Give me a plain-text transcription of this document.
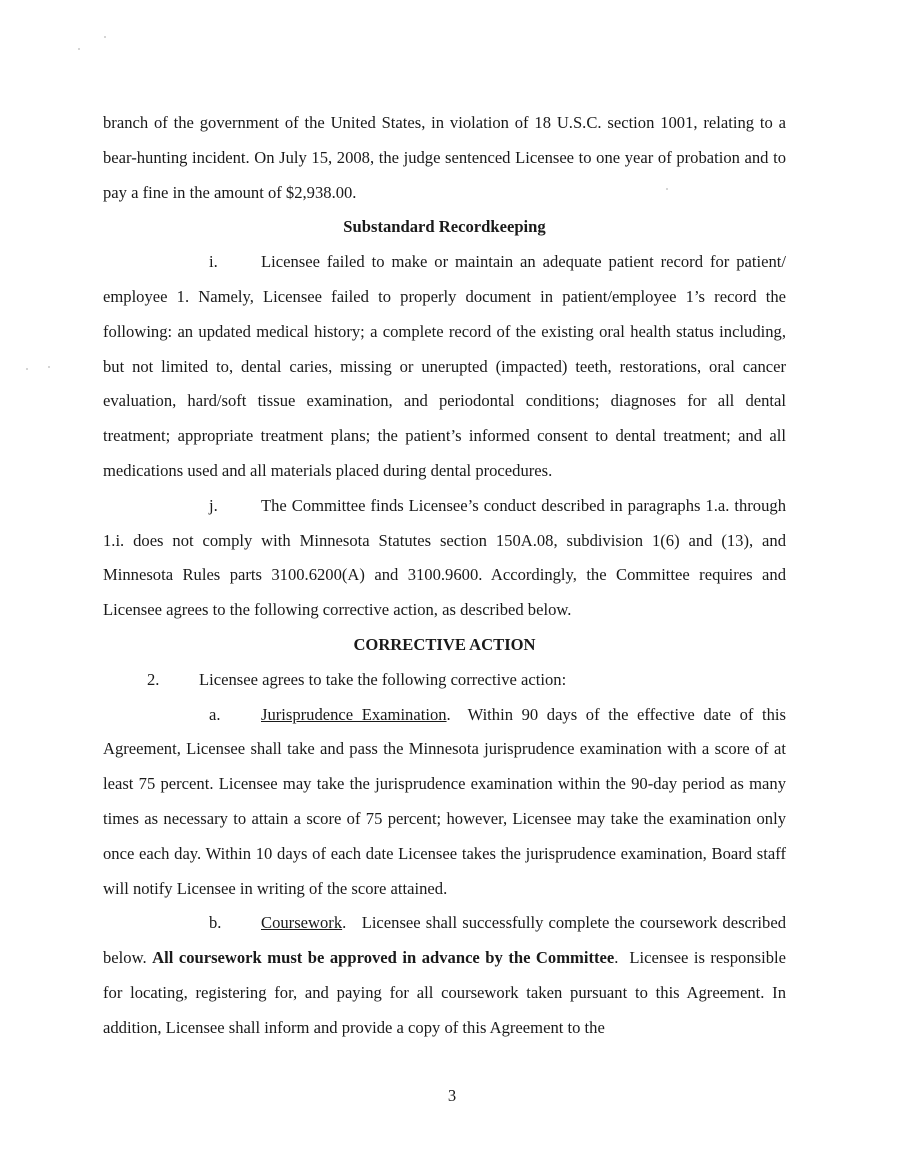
branch of the government of the United States, in violation of 18 U.S.C. section 1001, relating to a bear-hunting incident. On July 15, 2008, the judge sentenced Licensee to one year of probation and to pay a fine in the amount of $2,938.00.

Substandard Recordkeeping

i.	Licensee failed to make or maintain an adequate patient record for patient/ employee 1. Namely, Licensee failed to properly document in patient/employee 1’s record the following: an updated medical history; a complete record of the existing oral health status including, but not limited to, dental caries, missing or unerupted (impacted) teeth, restorations, oral cancer evaluation, hard/soft tissue examination, and periodontal conditions; diagnoses for all dental treatment; appropriate treatment plans; the patient’s informed consent to dental treatment; and all medications used and all materials placed during dental procedures.

j.	The Committee finds Licensee’s conduct described in paragraphs 1.a. through 1.i. does not comply with Minnesota Statutes section 150A.08, subdivision 1(6) and (13), and Minnesota Rules parts 3100.6200(A) and 3100.9600. Accordingly, the Committee requires and Licensee agrees to the following corrective action, as described below.

CORRECTIVE ACTION

2. Licensee agrees to take the following corrective action:

a. Jurisprudence Examination.  Within 90 days of the effective date of this Agreement, Licensee shall take and pass the Minnesota jurisprudence examination with a score of at least 75 percent. Licensee may take the jurisprudence examination within the 90-day period as many times as necessary to attain a score of 75 percent; however, Licensee may take the examination only once each day. Within 10 days of each date Licensee takes the jurisprudence examination, Board staff will notify Licensee in writing of the score attained.

b. Coursework.   Licensee shall successfully complete the coursework described below. All coursework must be approved in advance by the Committee.  Licensee is responsible for locating, registering for, and paying for all coursework taken pursuant to this Agreement. In addition, Licensee shall inform and provide a copy of this Agreement to the

3
